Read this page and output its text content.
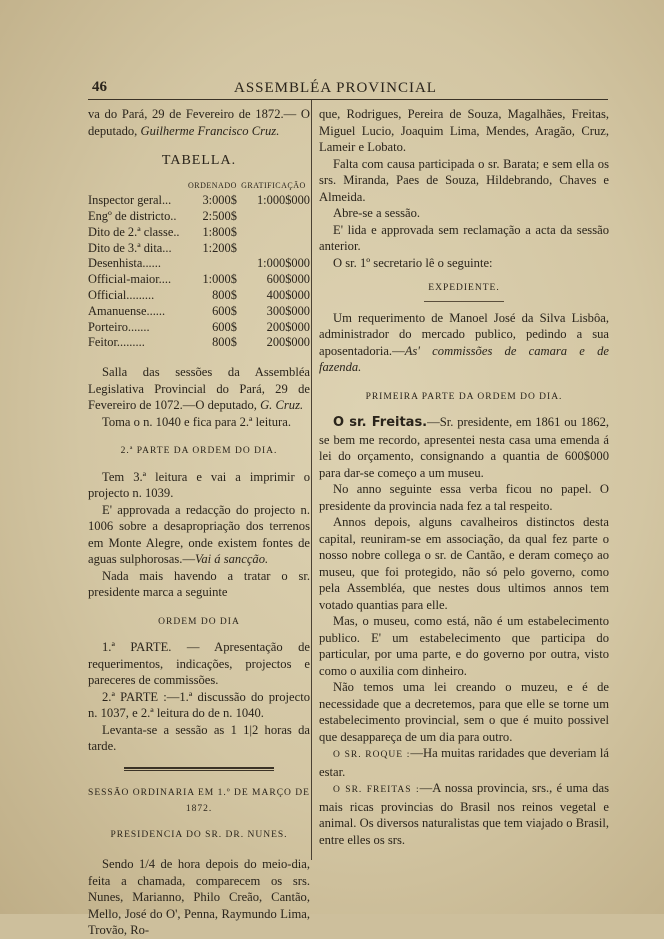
46	ASSEMBLÉA PROVINCIAL

va do Pará, 29 de Fevereiro de 1872.— O deputado, Guilherme Francisco Cruz.

TABELLA.
	ORDENADO	GRATIFICAÇÃO
Inspector geral...	3:000$	1:000$000
Engº de districto..	2:500$	
Dito de 2.ª classe..	1:800$	
Dito de 3.ª dita...	1:200$	
Desenhista......		1:000$000
Official-maior....	1:000$	600$000
Official.........	800$	400$000
Amanuense......	600$	300$000
Porteiro.......	600$	200$000
Feitor.........	800$	200$000

Salla das sessões da Assembléa Legislativa Provincial do Pará, 29 de Fevereiro de 1072.—O deputado, G. Cruz.

Toma o n. 1040 e fica para 2.ª leitura.

2.ª PARTE DA ORDEM DO DIA.

Tem 3.ª leitura e vai a imprimir o projecto n. 1039.

E' approvada a redacção do projecto n. 1006 sobre a desapropriação dos terrenos em Monte Alegre, onde existem fontes de aguas sulphorosas.—Vai á sancção.

Nada mais havendo a tratar o sr. presidente marca a seguinte

ORDEM DO DIA

1.ª PARTE. — Apresentação de requerimentos, indicações, projectos e pareceres de commissões.

2.ª PARTE :—1.ª discussão do projecto n. 1037, e 2.ª leitura do de n. 1040.

Levanta-se a sessão as 1 1|2 horas da tarde.

SESSÃO ORDINARIA EM 1.º DE MARÇO DE 1872.

PRESIDENCIA DO SR. DR. NUNES.

Sendo 1/4 de hora depois do meio-dia, feita a chamada, comparecem os srs. Nunes, Marianno, Philo Creão, Cantão, Mello, José do O', Penna, Raymundo Lima, Trovão, Ro-

que, Rodrigues, Pereira de Souza, Magalhães, Freitas, Miguel Lucio, Joaquim Lima, Mendes, Aragão, Cruz, Lameir e Lobato.

Falta com causa participada o sr. Barata; e sem ella os srs. Miranda, Paes de Souza, Hildebrando, Chaves e Almeida.

Abre-se a sessão.

E' lida e approvada sem reclamação a acta da sessão anterior.

O sr. 1º secretario lê o seguinte:

EXPEDIENTE.

Um requerimento de Manoel José da Silva Lisbôa, administrador do mercado publico, pedindo a sua aposentadoria.—As' commissões de camara e de fazenda.

PRIMEIRA PARTE DA ORDEM DO DIA.

O sr. Freitas.—Sr. presidente, em 1861 ou 1862, se bem me recordo, apresentei nesta casa uma emenda á lei do orçamento, consignando a quantia de 600$000 para dar-se começo a um museu.

No anno seguinte essa verba ficou no papel. O presidente da provincia nada fez a tal respeito.

Annos depois, alguns cavalheiros distinctos desta capital, reuniram-se em associação, da qual fez parte o nosso nobre collega o sr. de Cantão, e deram começo ao museu, que foi protegido, não só pelo governo, como pela Assembléa, que nestes dous ultimos annos tem votado quantias para elle.

Mas, o museu, como está, não é um estabelecimento publico. E' um estabelecimento que participa do particular, por uma parte, e do governo por outra, visto como o auxilia com dinheiro.

Não temos uma lei creando o muzeu, e é de necessidade que a decretemos, para que elle se torne um estabelecimento provincial, sem o que é muito possivel que desappareça de um dia para outro.

O SR. ROQUE :—Ha muitas raridades que deveriam lá estar.

O SR. FREITAS :—A nossa provincia, srs., é uma das mais ricas provincias do Brasil nos reinos vegetal e animal. Os diversos naturalistas que tem viajado o Brasil, entre elles os srs.
